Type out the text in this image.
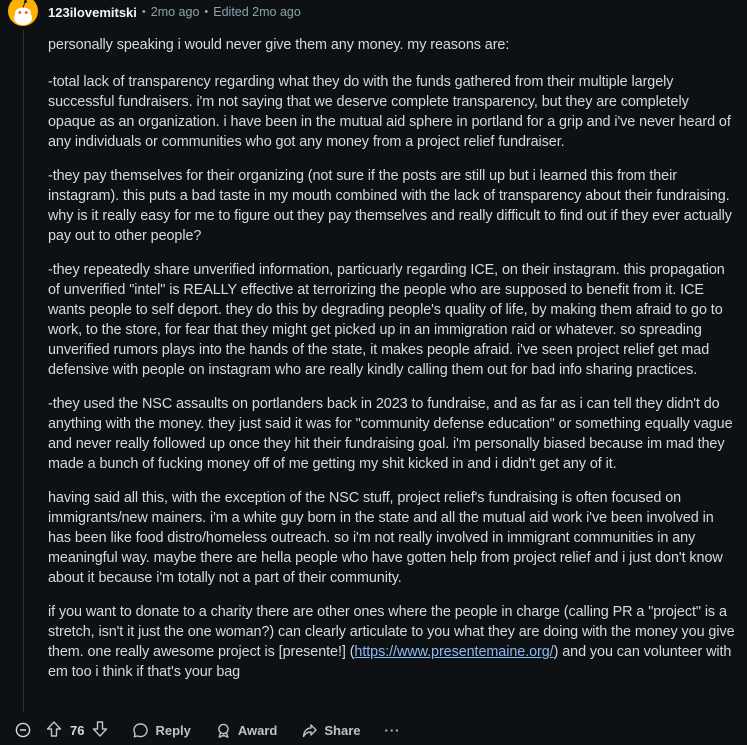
123ilovemitski • 2mo ago • Edited 2mo ago

personally speaking i would never give them any money. my reasons are:

-total lack of transparency regarding what they do with the funds gathered from their multiple largely successful fundraisers. i'm not saying that we deserve complete transparency, but they are completely opaque as an organization. i have been in the mutual aid sphere in portland for a grip and i've never heard of any individuals or communities who got any money from a project relief fundraiser.

-they pay themselves for their organizing (not sure if the posts are still up but i learned this from their instagram). this puts a bad taste in my mouth combined with the lack of transparency about their fundraising. why is it really easy for me to figure out they pay themselves and really difficult to find out if they ever actually pay out to other people?

-they repeatedly share unverified information, particuarly regarding ICE, on their instagram. this propagation of unverified "intel" is REALLY effective at terrorizing the people who are supposed to benefit from it. ICE wants people to self deport. they do this by degrading people's quality of life, by making them afraid to go to work, to the store, for fear that they might get picked up in an immigration raid or whatever. so spreading unverified rumors plays into the hands of the state, it makes people afraid. i've seen project relief get mad defensive with people on instagram who are really kindly calling them out for bad info sharing practices.

-they used the NSC assaults on portlanders back in 2023 to fundraise, and as far as i can tell they didn't do anything with the money. they just said it was for "community defense education" or something equally vague and never really followed up once they hit their fundraising goal. i'm personally biased because im mad they made a bunch of fucking money off of me getting my shit kicked in and i didn't get any of it.

having said all this, with the exception of the NSC stuff, project relief's fundraising is often focused on immigrants/new mainers. i'm a white guy born in the state and all the mutual aid work i've been involved in has been like food distro/homeless outreach. so i'm not really involved in immigrant communities in any meaningful way. maybe there are hella people who have gotten help from project relief and i just don't know about it because i'm totally not a part of their community.

if you want to donate to a charity there are other ones where the people in charge (calling PR a "project" is a stretch, isn't it just the one woman?) can clearly articulate to you what they are doing with the money you give them. one really awesome project is [presente!] (https://www.presentemaine.org/) and you can volunteer with em too i think if that's your bag

76	Reply	Award	Share ···
